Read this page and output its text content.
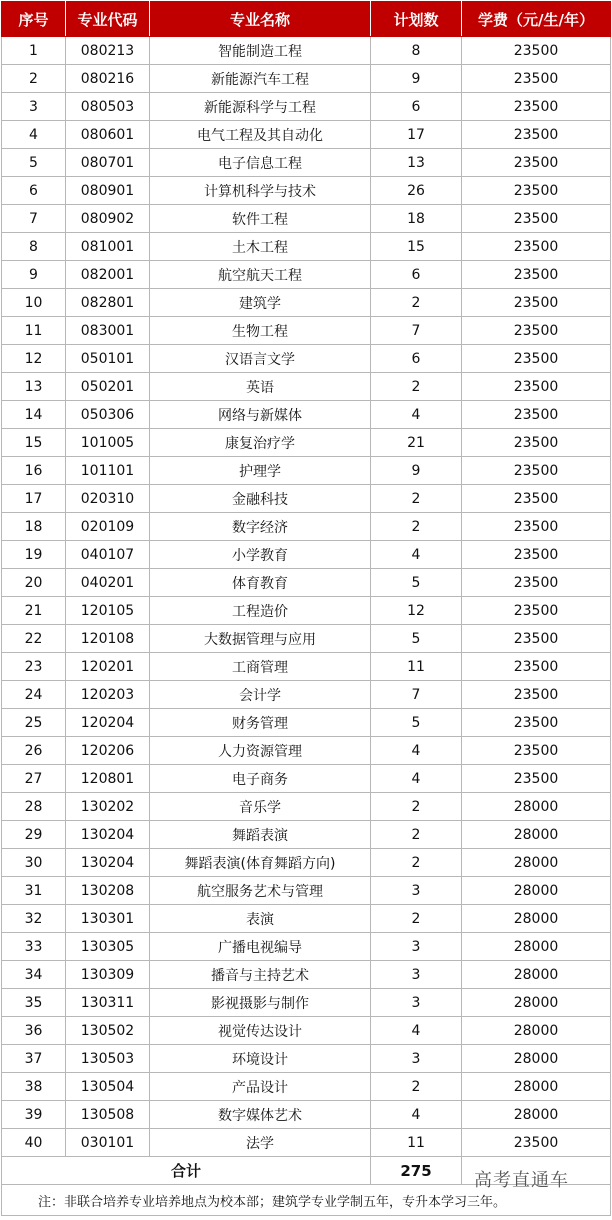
序号	专业代码	专业名称	计划数	学费（元/生/年）
1	080213	智能制造工程	8	23500
2	080216	新能源汽车工程	9	23500
3	080503	新能源科学与工程	6	23500
4	080601	电气工程及其自动化	17	23500
5	080701	电子信息工程	13	23500
6	080901	计算机科学与技术	26	23500
7	080902	软件工程	18	23500
8	081001	土木工程	15	23500
9	082001	航空航天工程	6	23500
10	082801	建筑学	2	23500
11	083001	生物工程	7	23500
12	050101	汉语言文学	6	23500
13	050201	英语	2	23500
14	050306	网络与新媒体	4	23500
15	101005	康复治疗学	21	23500
16	101101	护理学	9	23500
17	020310	金融科技	2	23500
18	020109	数字经济	2	23500
19	040107	小学教育	4	23500
20	040201	体育教育	5	23500
21	120105	工程造价	12	23500
22	120108	大数据管理与应用	5	23500
23	120201	工商管理	11	23500
24	120203	会计学	7	23500
25	120204	财务管理	5	23500
26	120206	人力资源管理	4	23500
27	120801	电子商务	4	23500
28	130202	音乐学	2	28000
29	130204	舞蹈表演	2	28000
30	130204	舞蹈表演(体育舞蹈方向)	2	28000
31	130208	航空服务艺术与管理	3	28000
32	130301	表演	2	28000
33	130305	广播电视编导	3	28000
34	130309	播音与主持艺术	3	28000
35	130311	影视摄影与制作	3	28000
36	130502	视觉传达设计	4	28000
37	130503	环境设计	3	28000
38	130504	产品设计	2	28000
39	130508	数字媒体艺术	4	28000
40	030101	法学	11	23500
合计			275	
注：非联合培养专业培养地点为校本部；建筑学专业学制五年，专升本学习三年。				
高考直通车
